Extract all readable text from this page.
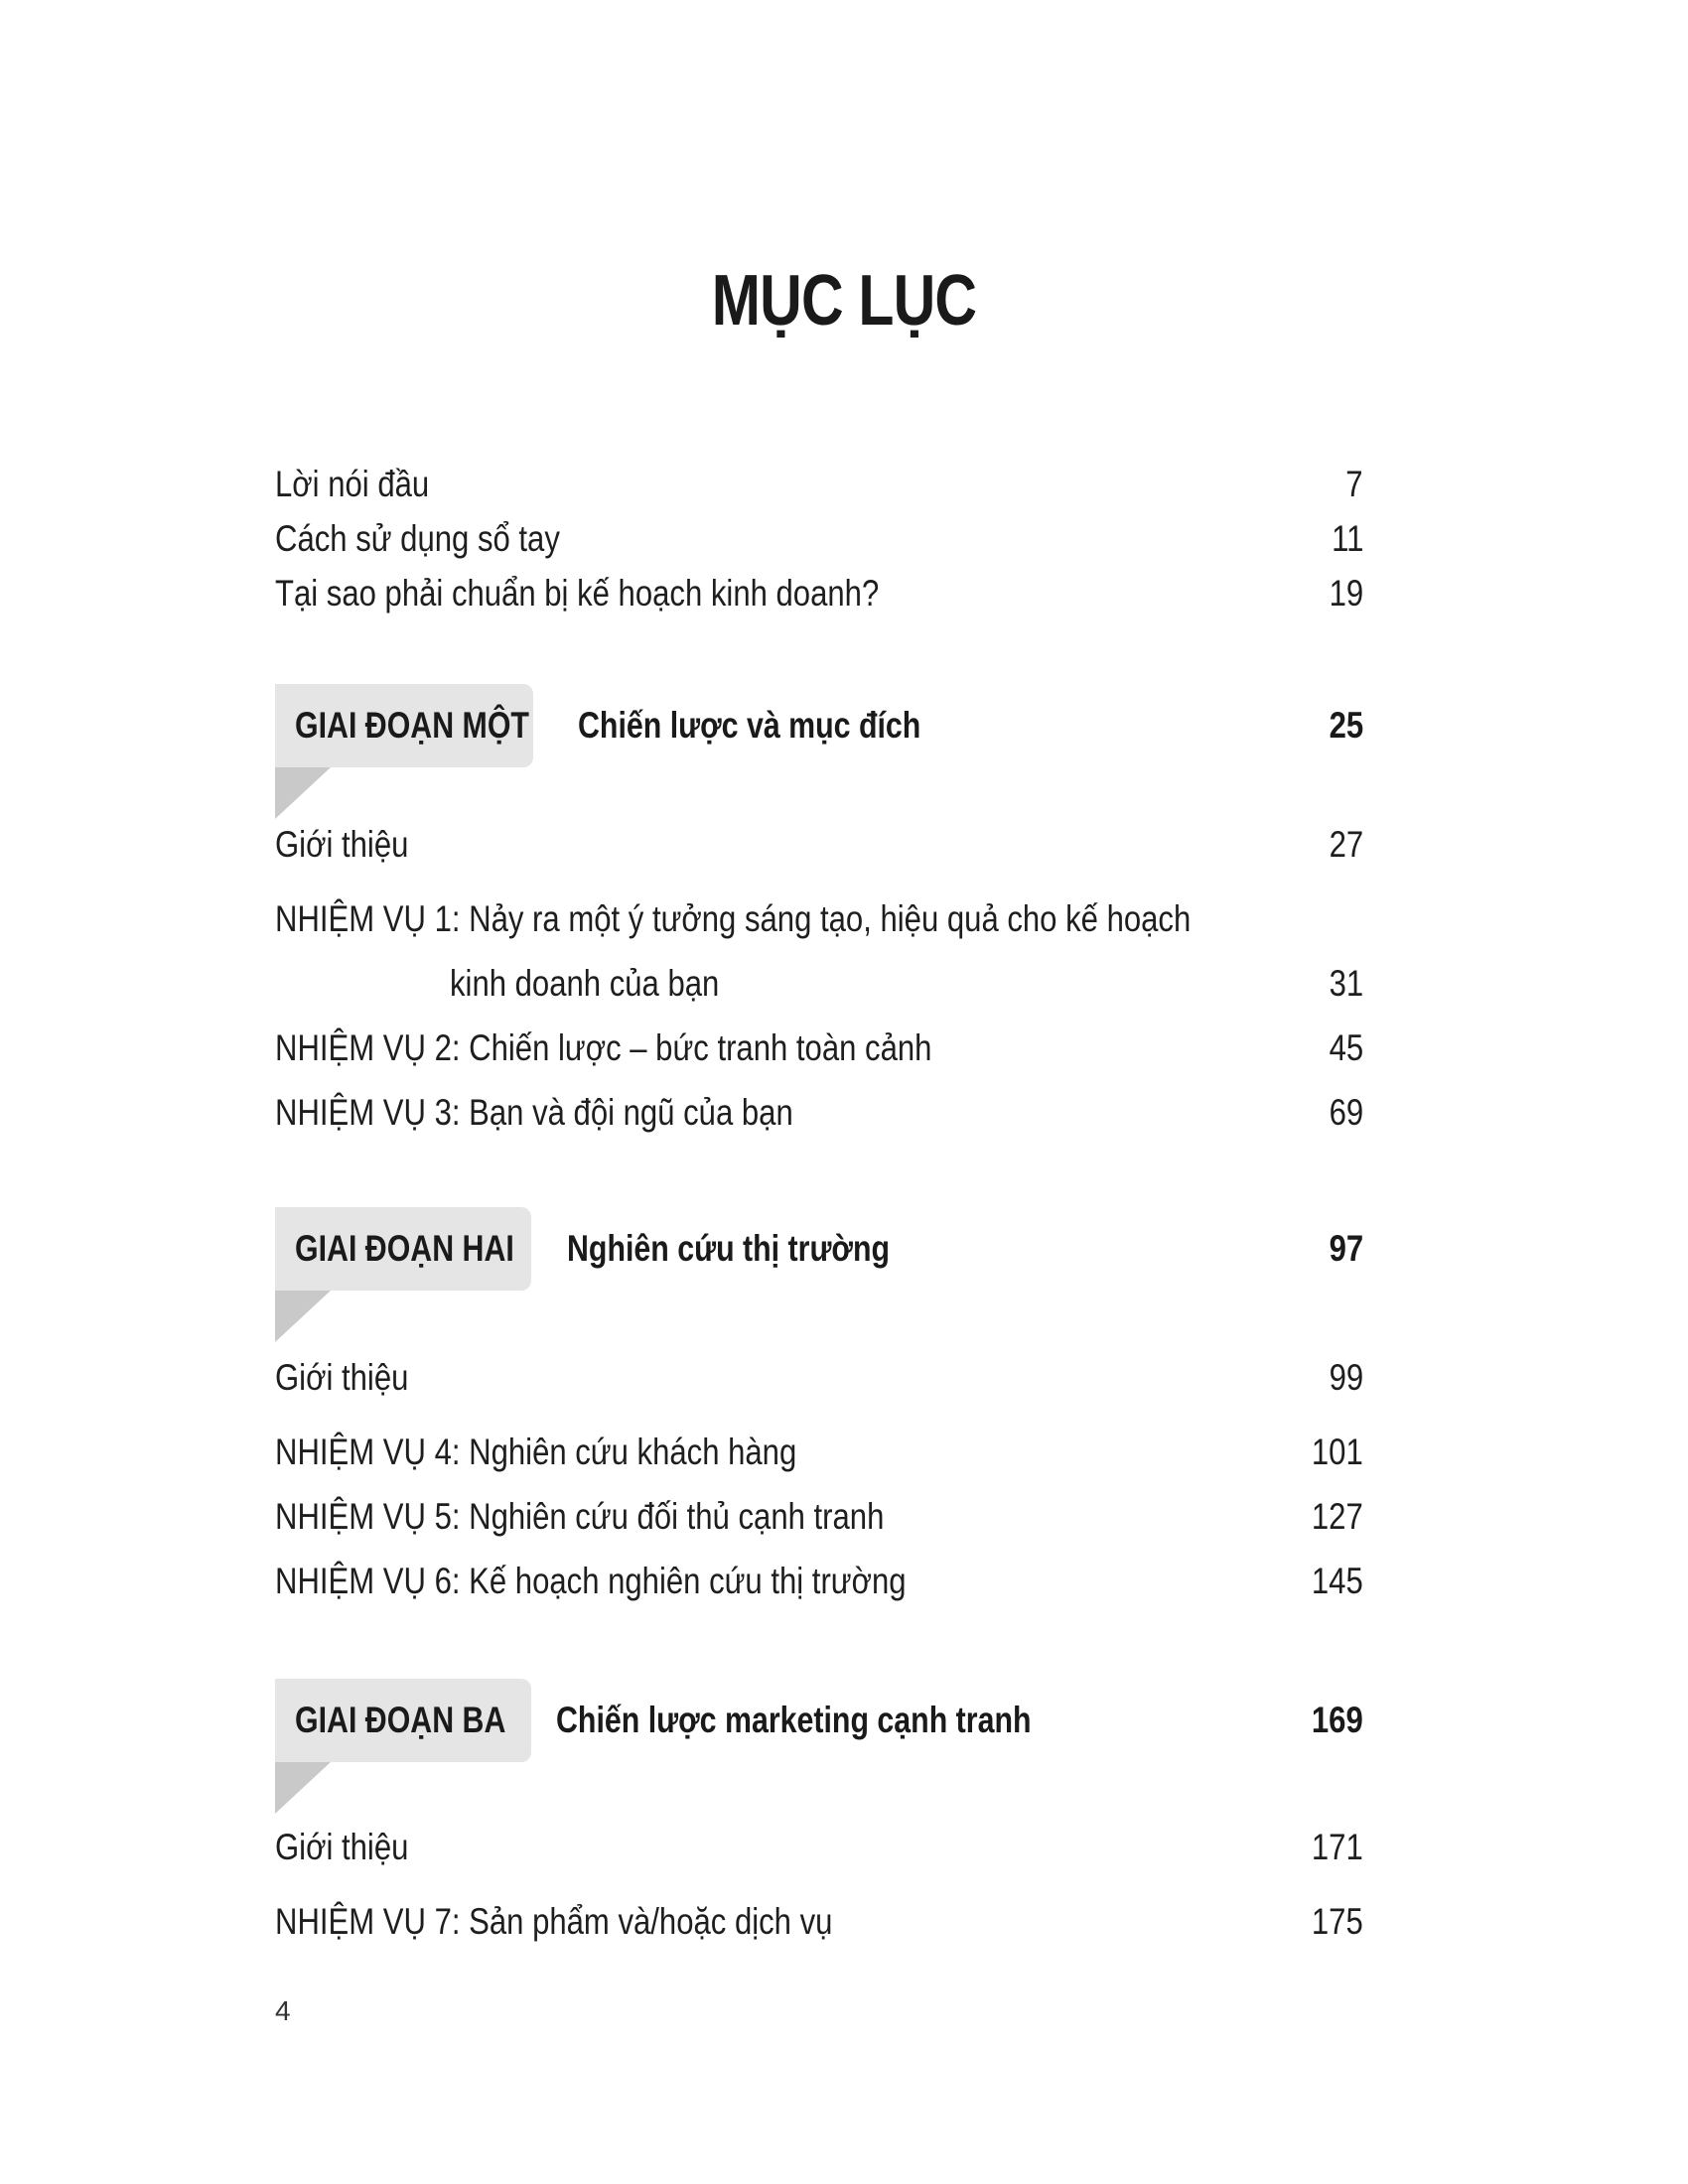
MỤC LỤC
Lời nói đầu	7
Cách sử dụng sổ tay	11
Tại sao phải chuẩn bị kế hoạch kinh doanh?	19
GIAI ĐOẠN MỘT Chiến lược và mục đích	25
Giới thiệu	27
NHIỆM VỤ 1: Nảy ra một ý tưởng sáng tạo, hiệu quả cho kế hoạch
kinh doanh của bạn	31
NHIỆM VỤ 2: Chiến lược – bức tranh toàn cảnh	45
NHIỆM VỤ 3: Bạn và đội ngũ của bạn	69
GIAI ĐOẠN HAI Nghiên cứu thị trường	97
Giới thiệu	99
NHIỆM VỤ 4: Nghiên cứu khách hàng	101
NHIỆM VỤ 5: Nghiên cứu đối thủ cạnh tranh	127
NHIỆM VỤ 6: Kế hoạch nghiên cứu thị trường	145
GIAI ĐOẠN BA Chiến lược marketing cạnh tranh	169
Giới thiệu	171
NHIỆM VỤ 7: Sản phẩm và/hoặc dịch vụ	175
4
